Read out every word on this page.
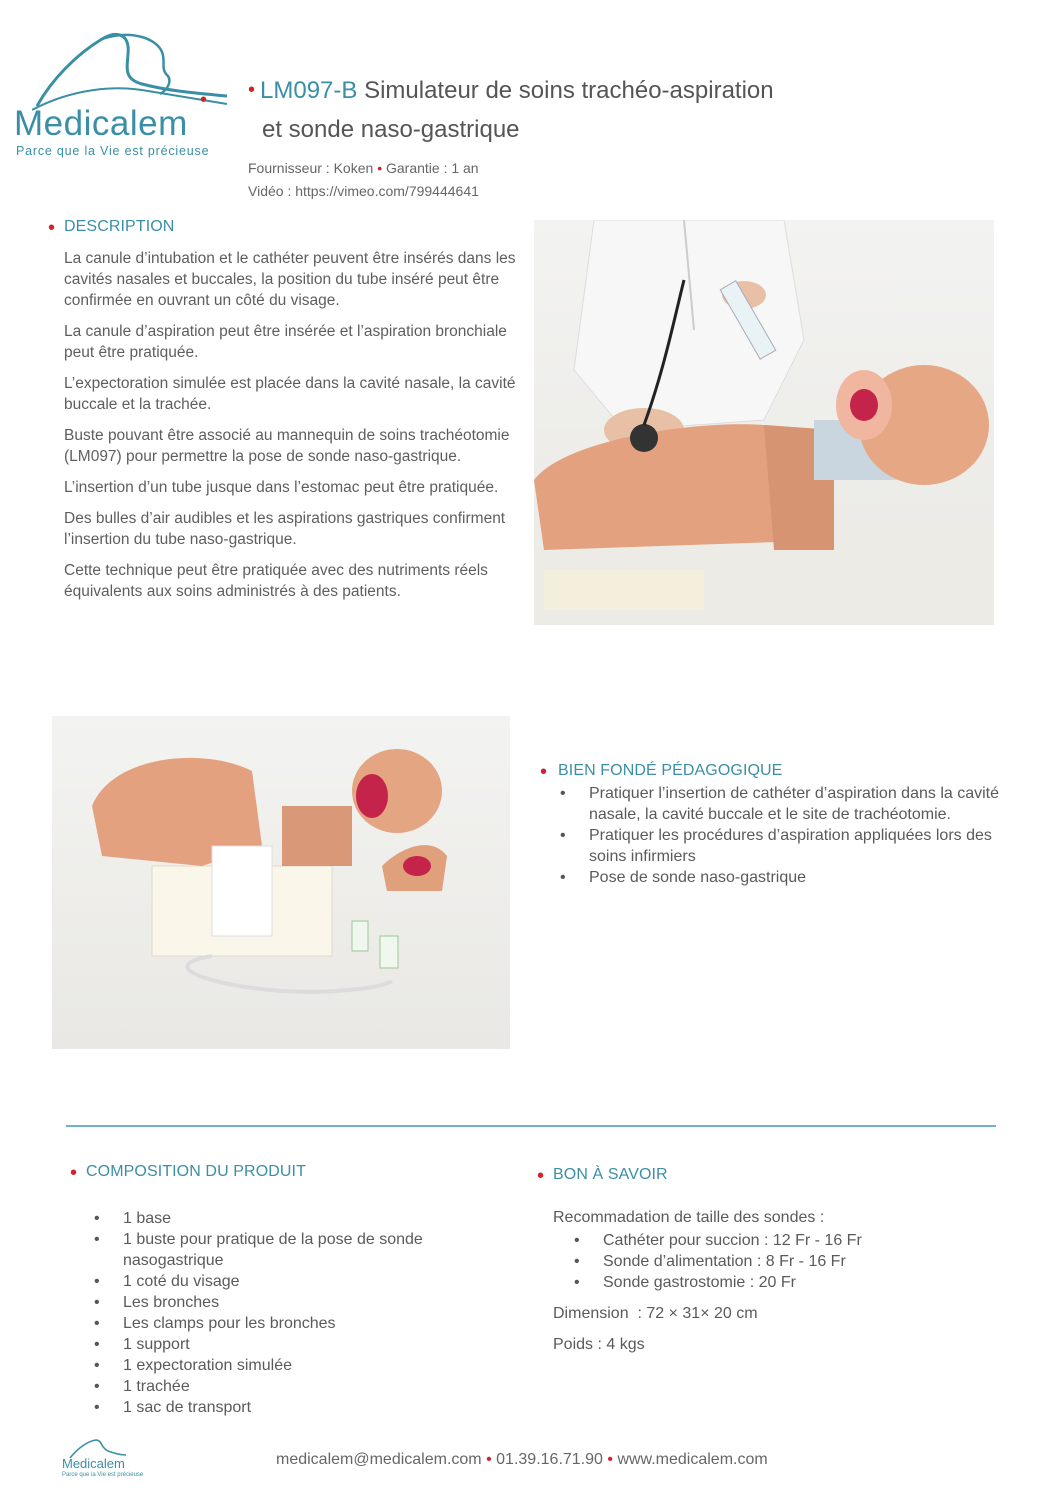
•
Medicalem
Parce que la Vie est précieuse
• LM097-B Simulateur de soins trachéo-aspiration
et sonde naso-gastrique
Fournisseur : Koken • Garantie : 1 an
Vidéo : https://vimeo.com/799444641
• DESCRIPTION

La canule d’intubation et le cathéter peuvent être insérés dans les cavités nasales et buccales, la position du tube inséré peut être confirmée en ouvrant un côté du visage.

La canule d’aspiration peut être insérée et l’aspiration bronchiale peut être pratiquée.

L’expectoration simulée est placée dans la cavité nasale, la cavité buccale et la trachée.

Buste pouvant être associé au mannequin de soins trachéotomie (LM097) pour permettre la pose de sonde naso-gastrique.

L’insertion d’un tube jusque dans l’estomac peut être pratiquée.

Des bulles d’air audibles et les aspirations gastriques confirment l’insertion du tube naso-gastrique.

Cette technique peut être pratiquée avec des nutriments réels équivalents aux soins administrés à des patients.

• BIEN FONDÉ PÉDAGOGIQUE
• Pratiquer l’insertion de cathéter d’aspiration dans la cavité nasale, la cavité buccale et le site de trachéotomie.
• Pratiquer les procédures d’aspiration appliquées lors des soins infirmiers
• Pose de sonde naso-gastrique
• COMPOSITION DU PRODUIT
• 1 base
• 1 buste pour pratique de la pose de sonde nasogastrique
• 1 coté du visage
• Les bronches
• Les clamps pour les bronches
• 1 support
• 1 expectoration simulée
• 1 trachée
• 1 sac de transport
• BON À SAVOIR
Recommadation de taille des sondes :
• Cathéter pour succion : 12 Fr - 16 Fr
• Sonde d’alimentation : 8 Fr - 16 Fr
• Sonde gastrostomie : 20 Fr
Dimension  : 72 × 31× 20 cm
Poids : 4 kgs
Medicalem
Parce que la Vie est précieuse
medicalem@medicalem.com • 01.39.16.71.90 • www.medicalem.com
